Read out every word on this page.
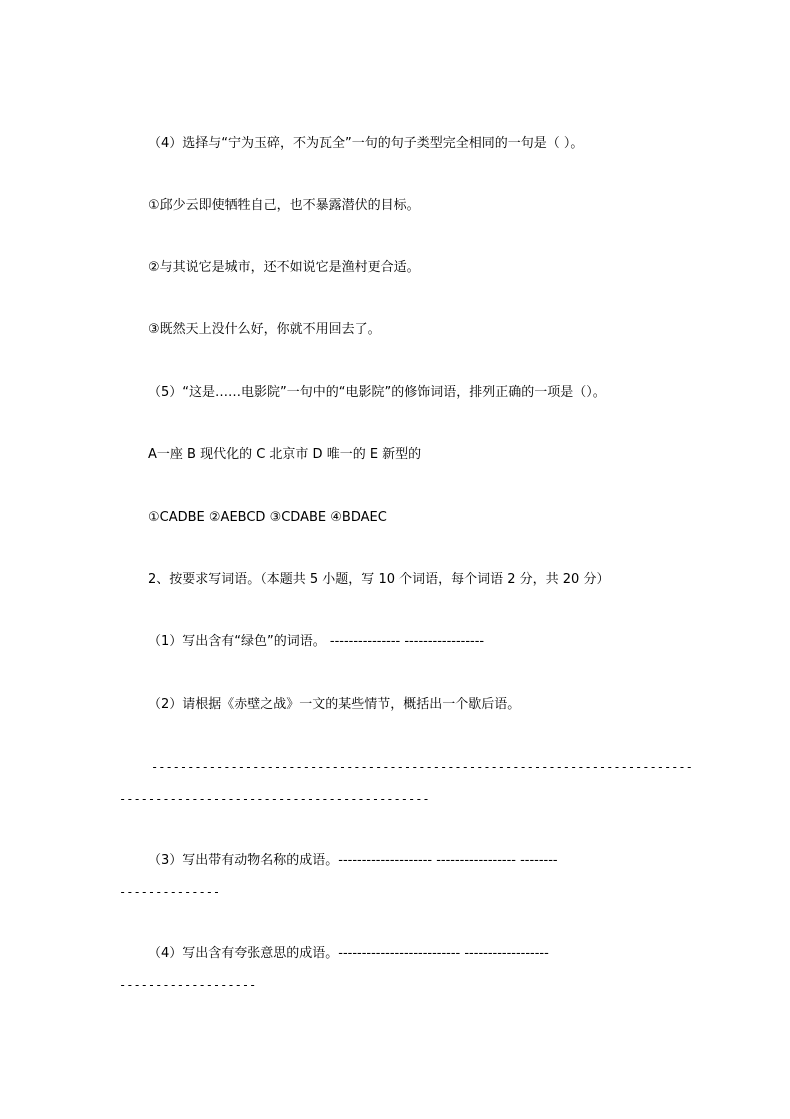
（4）选择与“宁为玉碎，不为瓦全”一句的句子类型完全相同的一句是（ ）。
①邱少云即使牺牲自己，也不暴露潜伏的目标。
②与其说它是城市，还不如说它是渔村更合适。
③既然天上没什么好，你就不用回去了。
（5）“这是……电影院”一句中的“电影院”的修饰词语，排列正确的一项是（）。
A一座 B 现代化的 C 北京市 D 唯一的 E 新型的
①CADBE ②AEBCD ③CDABE ④BDAEC
2、按要求写词语。（本题共 5 小题，写 10 个词语，每个词语 2 分，共 20 分）
（1）写出含有“绿色”的词语。 --------------- -----------------
（2）请根据《赤壁之战》一文的某些情节，概括出一个歇后语。
---------------------------------------------------------------------------
-------------------------------------------
（3）写出带有动物名称的成语。-------------------- ----------------- --------
--------------
（4）写出含有夸张意思的成语。-------------------------- ------------------
-------------------
